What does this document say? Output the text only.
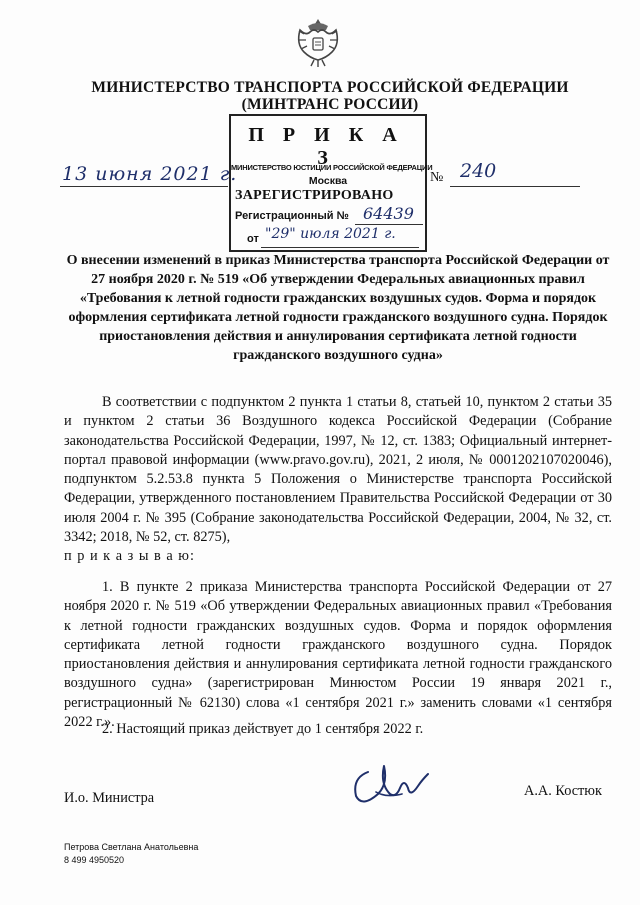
МИНИСТЕРСТВО ТРАНСПОРТА РОССИЙСКОЙ ФЕДЕРАЦИИ
(МИНТРАНС РОССИИ)
П Р И К А З
13 июня 2021 г.	№ 240
МИНИСТЕРСТВО ЮСТИЦИИ РОССИЙСКОЙ ФЕДЕРАЦИИ
Москва
ЗАРЕГИСТРИРОВАНО
Регистрационный № 64439
от "29" июля 2021 г.
О внесении изменений в приказ Министерства транспорта Российской Федерации от 27 ноября 2020 г. № 519 «Об утверждении Федеральных авиационных правил «Требования к летной годности гражданских воздушных судов. Форма и порядок оформления сертификата летной годности гражданского воздушного судна. Порядок приостановления действия и аннулирования сертификата летной годности гражданского воздушного судна»
В соответствии с подпунктом 2 пункта 1 статьи 8, статьей 10, пунктом 2 статьи 35 и пунктом 2 статьи 36 Воздушного кодекса Российской Федерации (Собрание законодательства Российской Федерации, 1997, № 12, ст. 1383; Официальный интернет-портал правовой информации (www.pravo.gov.ru), 2021, 2 июля, № 0001202107020046), подпунктом 5.2.53.8 пункта 5 Положения о Министерстве транспорта Российской Федерации, утвержденного постановлением Правительства Российской Федерации от 30 июля 2004 г. № 395 (Собрание законодательства Российской Федерации, 2004, № 32, ст. 3342; 2018, № 52, ст. 8275),
п р и к а з ы в а ю:
1. В пункте 2 приказа Министерства транспорта Российской Федерации от 27 ноября 2020 г. № 519 «Об утверждении Федеральных авиационных правил «Требования к летной годности гражданских воздушных судов. Форма и порядок оформления сертификата летной годности гражданского воздушного судна. Порядок приостановления действия и аннулирования сертификата летной годности гражданского воздушного судна» (зарегистрирован Минюстом России 19 января 2021 г., регистрационный № 62130) слова «1 сентября 2021 г.» заменить словами «1 сентября 2022 г.».
2. Настоящий приказ действует до 1 сентября 2022 г.
И.о. Министра	А.А. Костюк
Петрова Светлана Анатольевна
8 499 4950520
